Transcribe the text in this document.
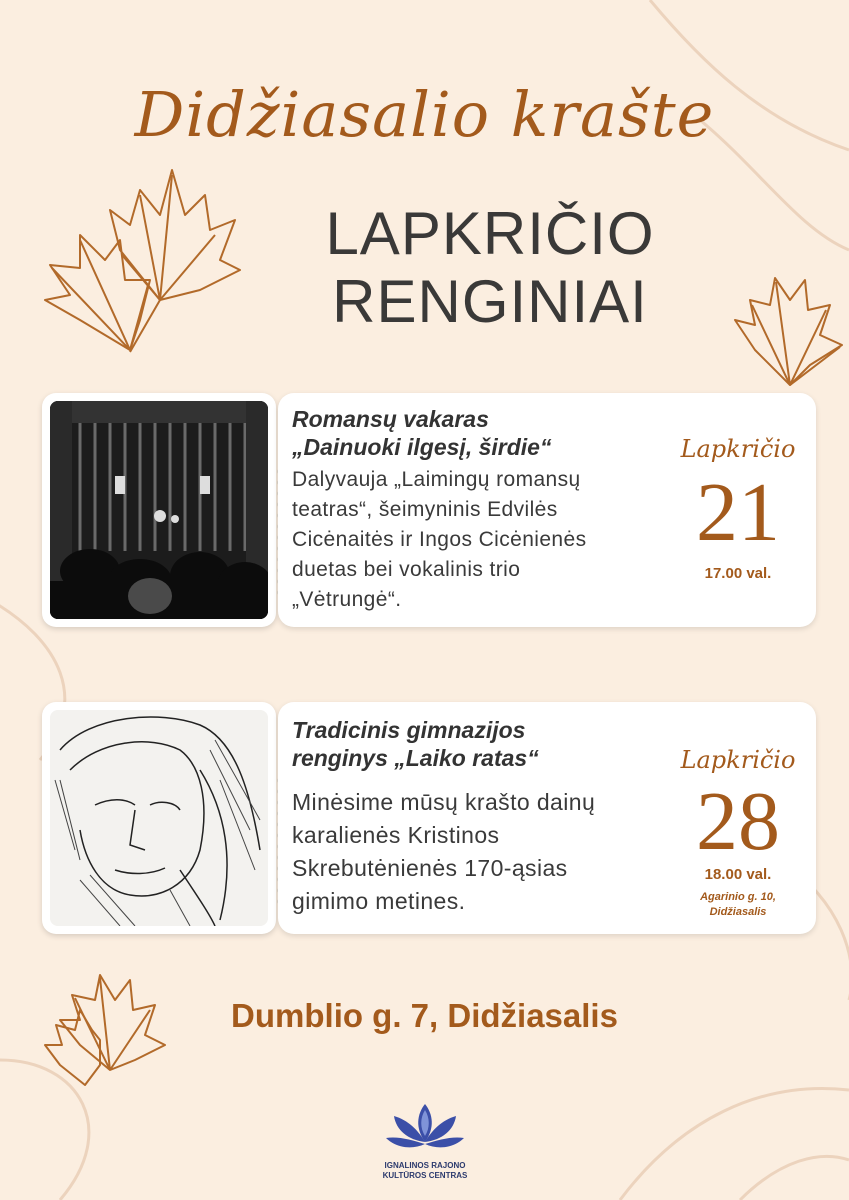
Didžiasalio krašte
LAPKRIČIO
RENGINIAI
Romansų vakaras
„Dainuoki ilgesį, širdie“
Dalyvauja „Laimingų romansų
teatras“, šeimyninis Edvilės
Cicėnaitės ir Ingos Cicėnienės
duetas bei vokalinis trio
„Vėtrungė“.
Lapkričio
21
17.00 val.
Tradicinis gimnazijos
renginys „Laiko ratas“
Minėsime mūsų krašto dainų
karalienės Kristinos
Skrebutėnienės 170-ąsias
gimimo metines.
Lapkričio
28
18.00 val.
Agarinio g. 10,
Didžiasalis
Dumblio g. 7, Didžiasalis
IGNALINOS RAJONO
KULTŪROS CENTRAS
